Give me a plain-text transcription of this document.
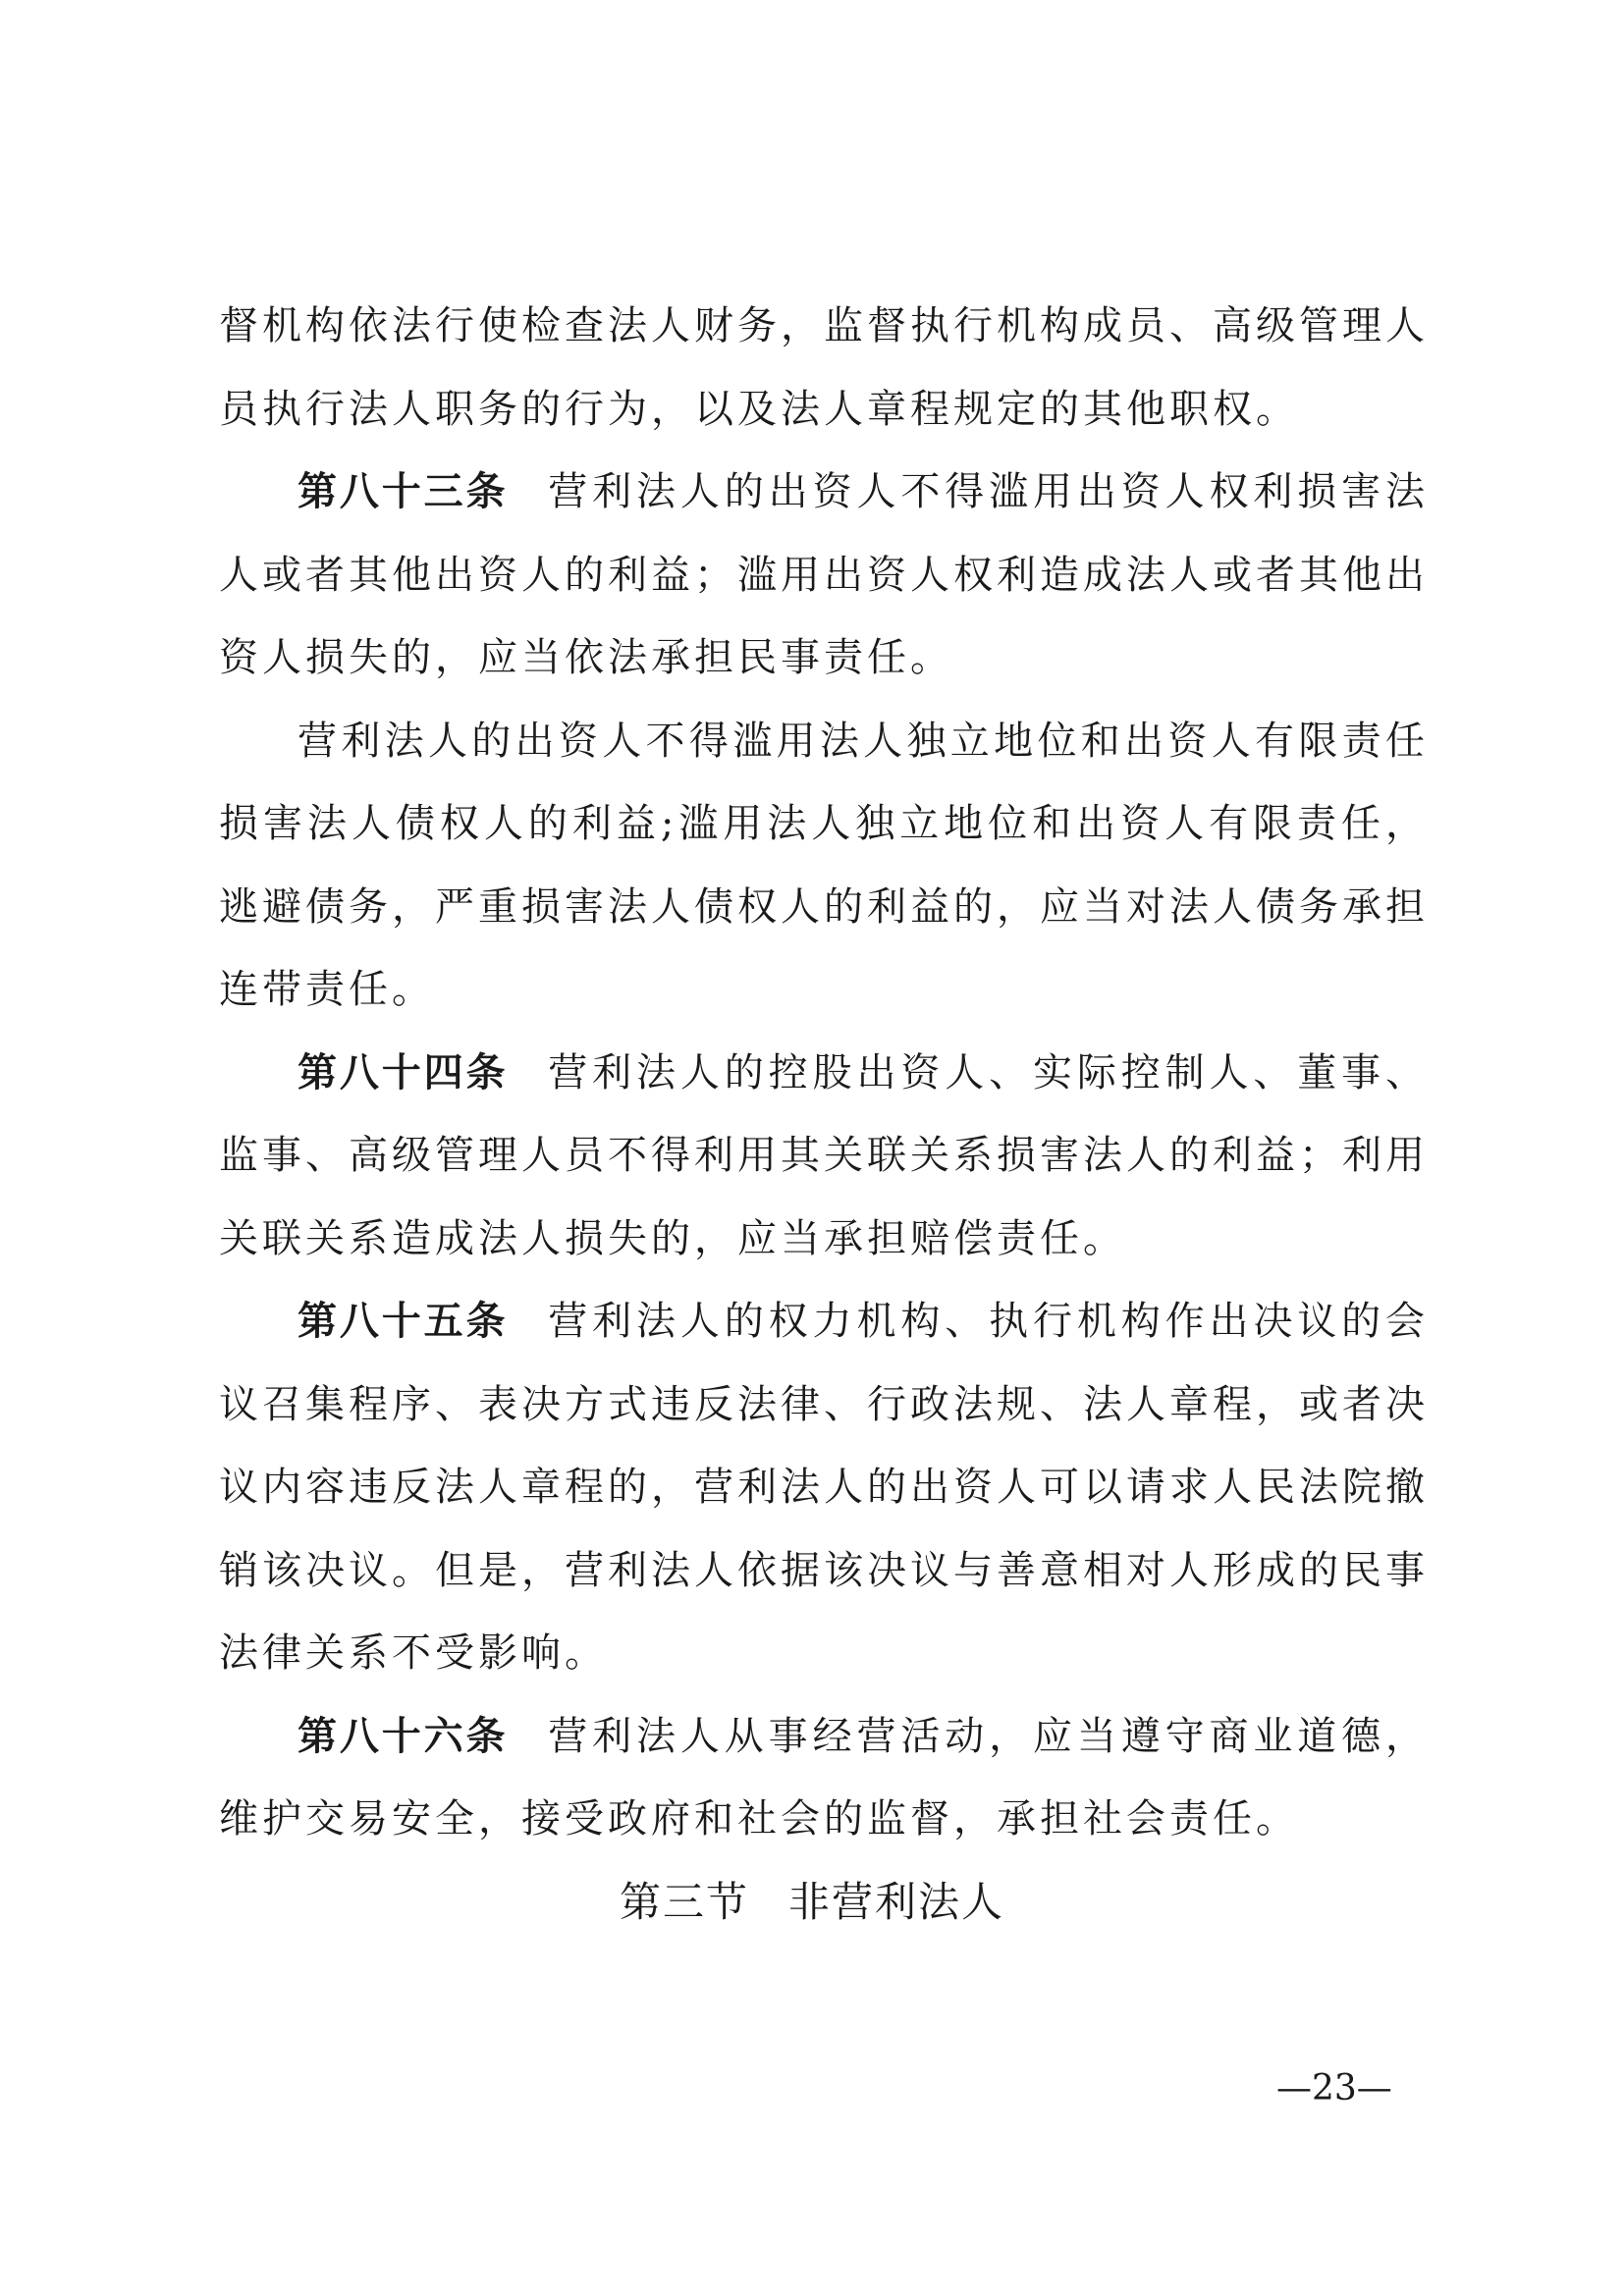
督机构依法行使检查法人财务，监督执行机构成员、高级管理人员执行法人职务的行为，以及法人章程规定的其他职权。

第八十三条 营利法人的出资人不得滥用出资人权利损害法人或者其他出资人的利益；滥用出资人权利造成法人或者其他出资人损失的，应当依法承担民事责任。

营利法人的出资人不得滥用法人独立地位和出资人有限责任损害法人债权人的利益;滥用法人独立地位和出资人有限责任，逃避债务，严重损害法人债权人的利益的，应当对法人债务承担连带责任。

第八十四条 营利法人的控股出资人、实际控制人、董事、监事、高级管理人员不得利用其关联关系损害法人的利益；利用关联关系造成法人损失的，应当承担赔偿责任。

第八十五条 营利法人的权力机构、执行机构作出决议的会议召集程序、表决方式违反法律、行政法规、法人章程，或者决议内容违反法人章程的，营利法人的出资人可以请求人民法院撤销该决议。但是，营利法人依据该决议与善意相对人形成的民事法律关系不受影响。

第八十六条 营利法人从事经营活动，应当遵守商业道德，维护交易安全，接受政府和社会的监督，承担社会责任。

第三节 非营利法人
—23—
